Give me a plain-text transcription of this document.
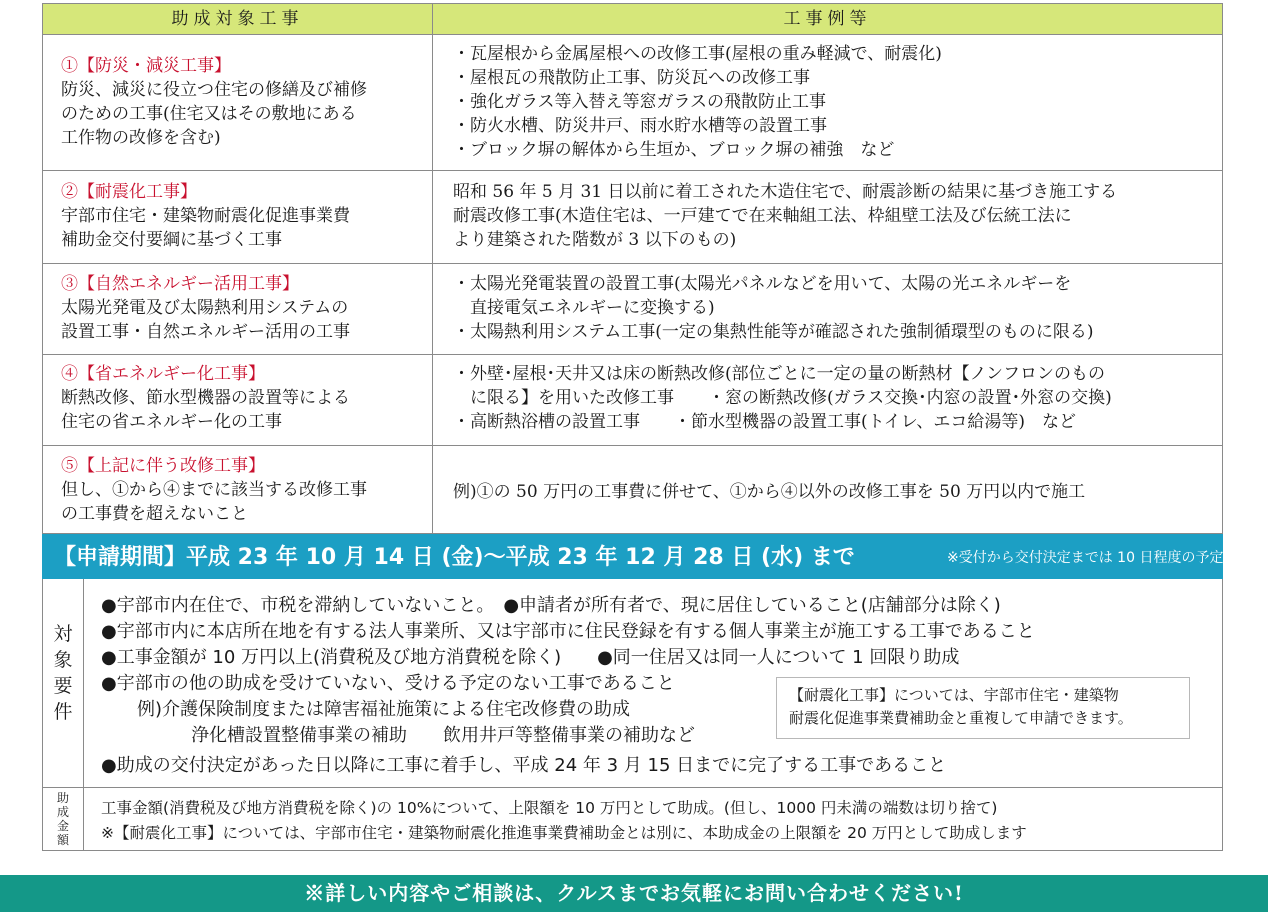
助成対象工事	工事例等
①【防災・減災工事】
防災、減災に役立つ住宅の修繕及び補修
のための工事(住宅又はその敷地にある
工作物の改修を含む)
・瓦屋根から金属屋根への改修工事(屋根の重み軽減で、耐震化)
・屋根瓦の飛散防止工事、防災瓦への改修工事
・強化ガラス等入替え等窓ガラスの飛散防止工事
・防火水槽、防災井戸、雨水貯水槽等の設置工事
・ブロック塀の解体から生垣か、ブロック塀の補強　など
②【耐震化工事】
宇部市住宅・建築物耐震化促進事業費
補助金交付要綱に基づく工事
昭和 56 年 5 月 31 日以前に着工された木造住宅で、耐震診断の結果に基づき施工する
耐震改修工事(木造住宅は、一戸建てで在来軸組工法、枠組壁工法及び伝統工法に
より建築された階数が 3 以下のもの)
③【自然エネルギー活用工事】
太陽光発電及び太陽熱利用システムの
設置工事・自然エネルギー活用の工事
・太陽光発電装置の設置工事(太陽光パネルなどを用いて、太陽の光エネルギーを
　直接電気エネルギーに変換する)
・太陽熱利用システム工事(一定の集熱性能等が確認された強制循環型のものに限る)
④【省エネルギー化工事】
断熱改修、節水型機器の設置等による
住宅の省エネルギー化の工事
・外壁･屋根･天井又は床の断熱改修(部位ごとに一定の量の断熱材【ノンフロンのもの
　に限る】を用いた改修工事　　・窓の断熱改修(ガラス交換･内窓の設置･外窓の交換)
・高断熱浴槽の設置工事　　・節水型機器の設置工事(トイレ、エコ給湯等)　など
⑤【上記に伴う改修工事】
但し、①から④までに該当する改修工事
の工事費を超えないこと
例)①の 50 万円の工事費に併せて、①から④以外の改修工事を 50 万円以内で施工
【申請期間】平成 23 年 10 月 14 日 (金)〜平成 23 年 12 月 28 日 (水) まで	※受付から交付決定までは 10 日程度の予定
対
象
要
件
●宇部市内在住で、市税を滞納していないこと。　●申請者が所有者で、現に居住していること(店舗部分は除く)
●宇部市内に本店所在地を有する法人事業所、又は宇部市に住民登録を有する個人事業主が施工する工事であること
●工事金額が 10 万円以上(消費税及び地方消費税を除く)　　●同一住居又は同一人について 1 回限り助成
●宇部市の他の助成を受けていない、受ける予定のない工事であること
　　例)介護保険制度または障害福祉施策による住宅改修費の助成
　　　　　浄化槽設置整備事業の補助　　飲用井戸等整備事業の補助など
●助成の交付決定があった日以降に工事に着手し、平成 24 年 3 月 15 日までに完了する工事であること
【耐震化工事】については、宇部市住宅・建築物
耐震化促進事業費補助金と重複して申請できます。
助
成
金
額
工事金額(消費税及び地方消費税を除く)の 10%について、上限額を 10 万円として助成。(但し、1000 円未満の端数は切り捨て)
※【耐震化工事】については、宇部市住宅・建築物耐震化推進事業費補助金とは別に、本助成金の上限額を 20 万円として助成します
※詳しい内容やご相談は、クルスまでお気軽にお問い合わせください!
